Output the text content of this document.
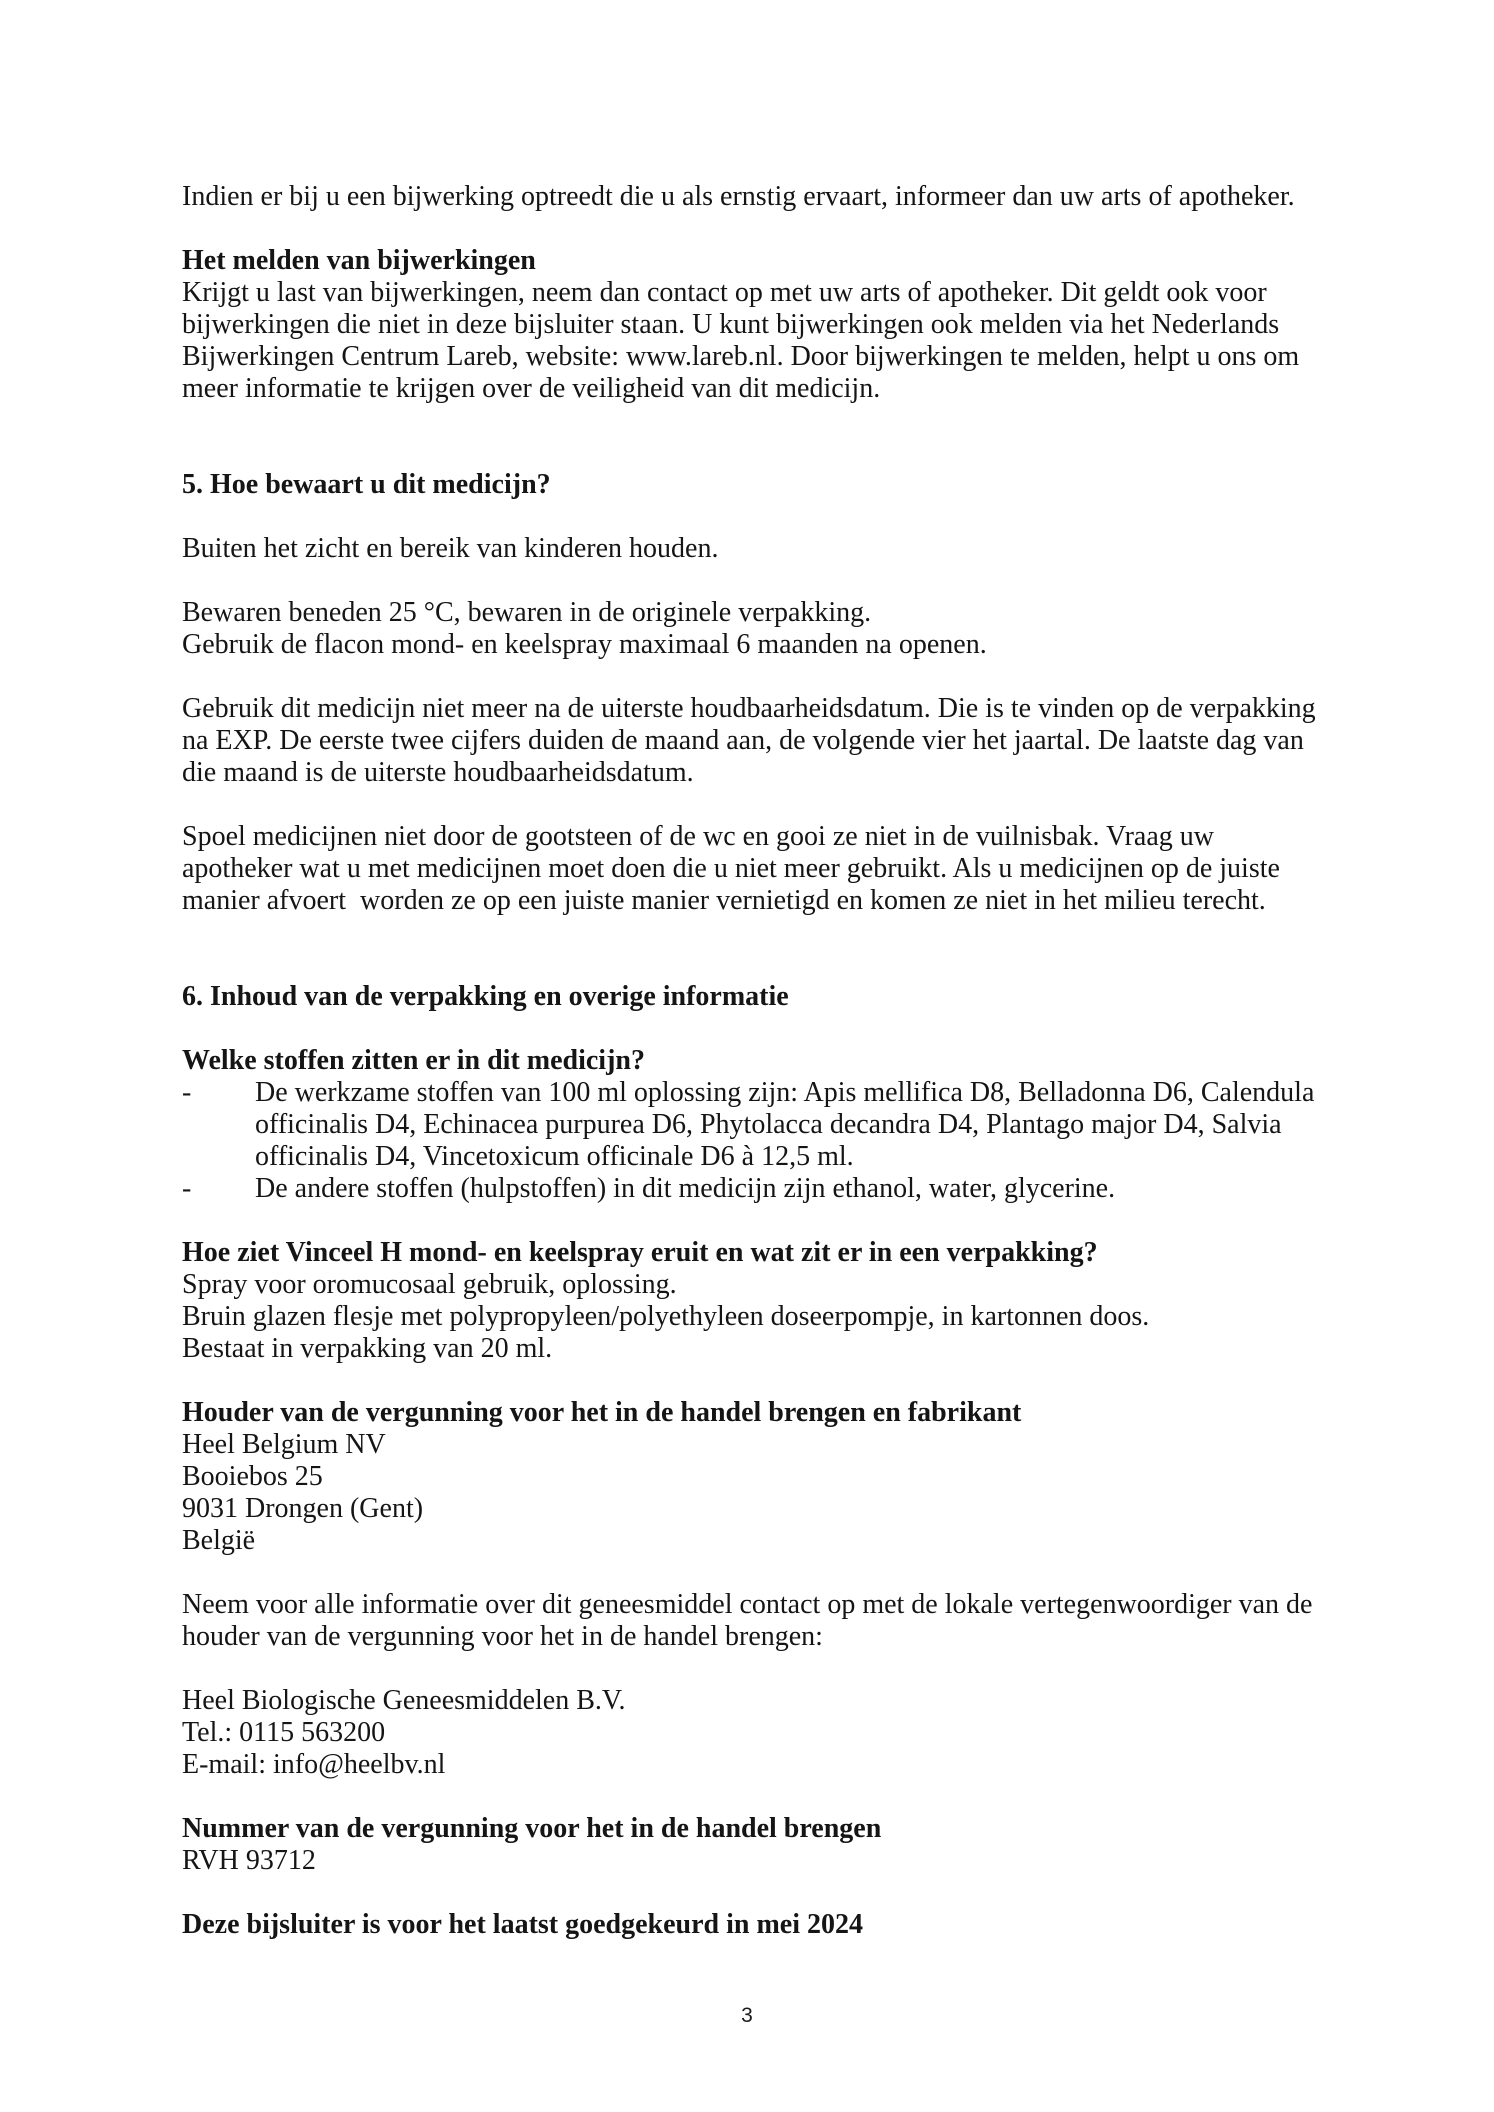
Indien er bij u een bijwerking optreedt die u als ernstig ervaart, informeer dan uw arts of apotheker.
Het melden van bijwerkingen
Krijgt u last van bijwerkingen, neem dan contact op met uw arts of apotheker. Dit geldt ook voor
bijwerkingen die niet in deze bijsluiter staan. U kunt bijwerkingen ook melden via het Nederlands
Bijwerkingen Centrum Lareb, website: www.lareb.nl. Door bijwerkingen te melden, helpt u ons om
meer informatie te krijgen over de veiligheid van dit medicijn.
5. Hoe bewaart u dit medicijn?
Buiten het zicht en bereik van kinderen houden.
Bewaren beneden 25 °C, bewaren in de originele verpakking.
Gebruik de flacon mond- en keelspray maximaal 6 maanden na openen.
Gebruik dit medicijn niet meer na de uiterste houdbaarheidsdatum. Die is te vinden op de verpakking
na EXP. De eerste twee cijfers duiden de maand aan, de volgende vier het jaartal. De laatste dag van
die maand is de uiterste houdbaarheidsdatum.
Spoel medicijnen niet door de gootsteen of de wc en gooi ze niet in de vuilnisbak. Vraag uw
apotheker wat u met medicijnen moet doen die u niet meer gebruikt. Als u medicijnen op de juiste
manier afvoert  worden ze op een juiste manier vernietigd en komen ze niet in het milieu terecht.
6. Inhoud van de verpakking en overige informatie
Welke stoffen zitten er in dit medicijn?
- De werkzame stoffen van 100 ml oplossing zijn: Apis mellifica D8, Belladonna D6, Calendula
officinalis D4, Echinacea purpurea D6, Phytolacca decandra D4, Plantago major D4, Salvia
officinalis D4, Vincetoxicum officinale D6 à 12,5 ml.
- De andere stoffen (hulpstoffen) in dit medicijn zijn ethanol, water, glycerine.
Hoe ziet Vinceel H mond- en keelspray eruit en wat zit er in een verpakking?
Spray voor oromucosaal gebruik, oplossing.
Bruin glazen flesje met polypropyleen/polyethyleen doseerpompje, in kartonnen doos.
Bestaat in verpakking van 20 ml.
Houder van de vergunning voor het in de handel brengen en fabrikant
Heel Belgium NV
Booiebos 25
9031 Drongen (Gent)
België
Neem voor alle informatie over dit geneesmiddel contact op met de lokale vertegenwoordiger van de
houder van de vergunning voor het in de handel brengen:
Heel Biologische Geneesmiddelen B.V.
Tel.: 0115 563200
E-mail: info@heelbv.nl
Nummer van de vergunning voor het in de handel brengen
RVH 93712
Deze bijsluiter is voor het laatst goedgekeurd in mei 2024
3
